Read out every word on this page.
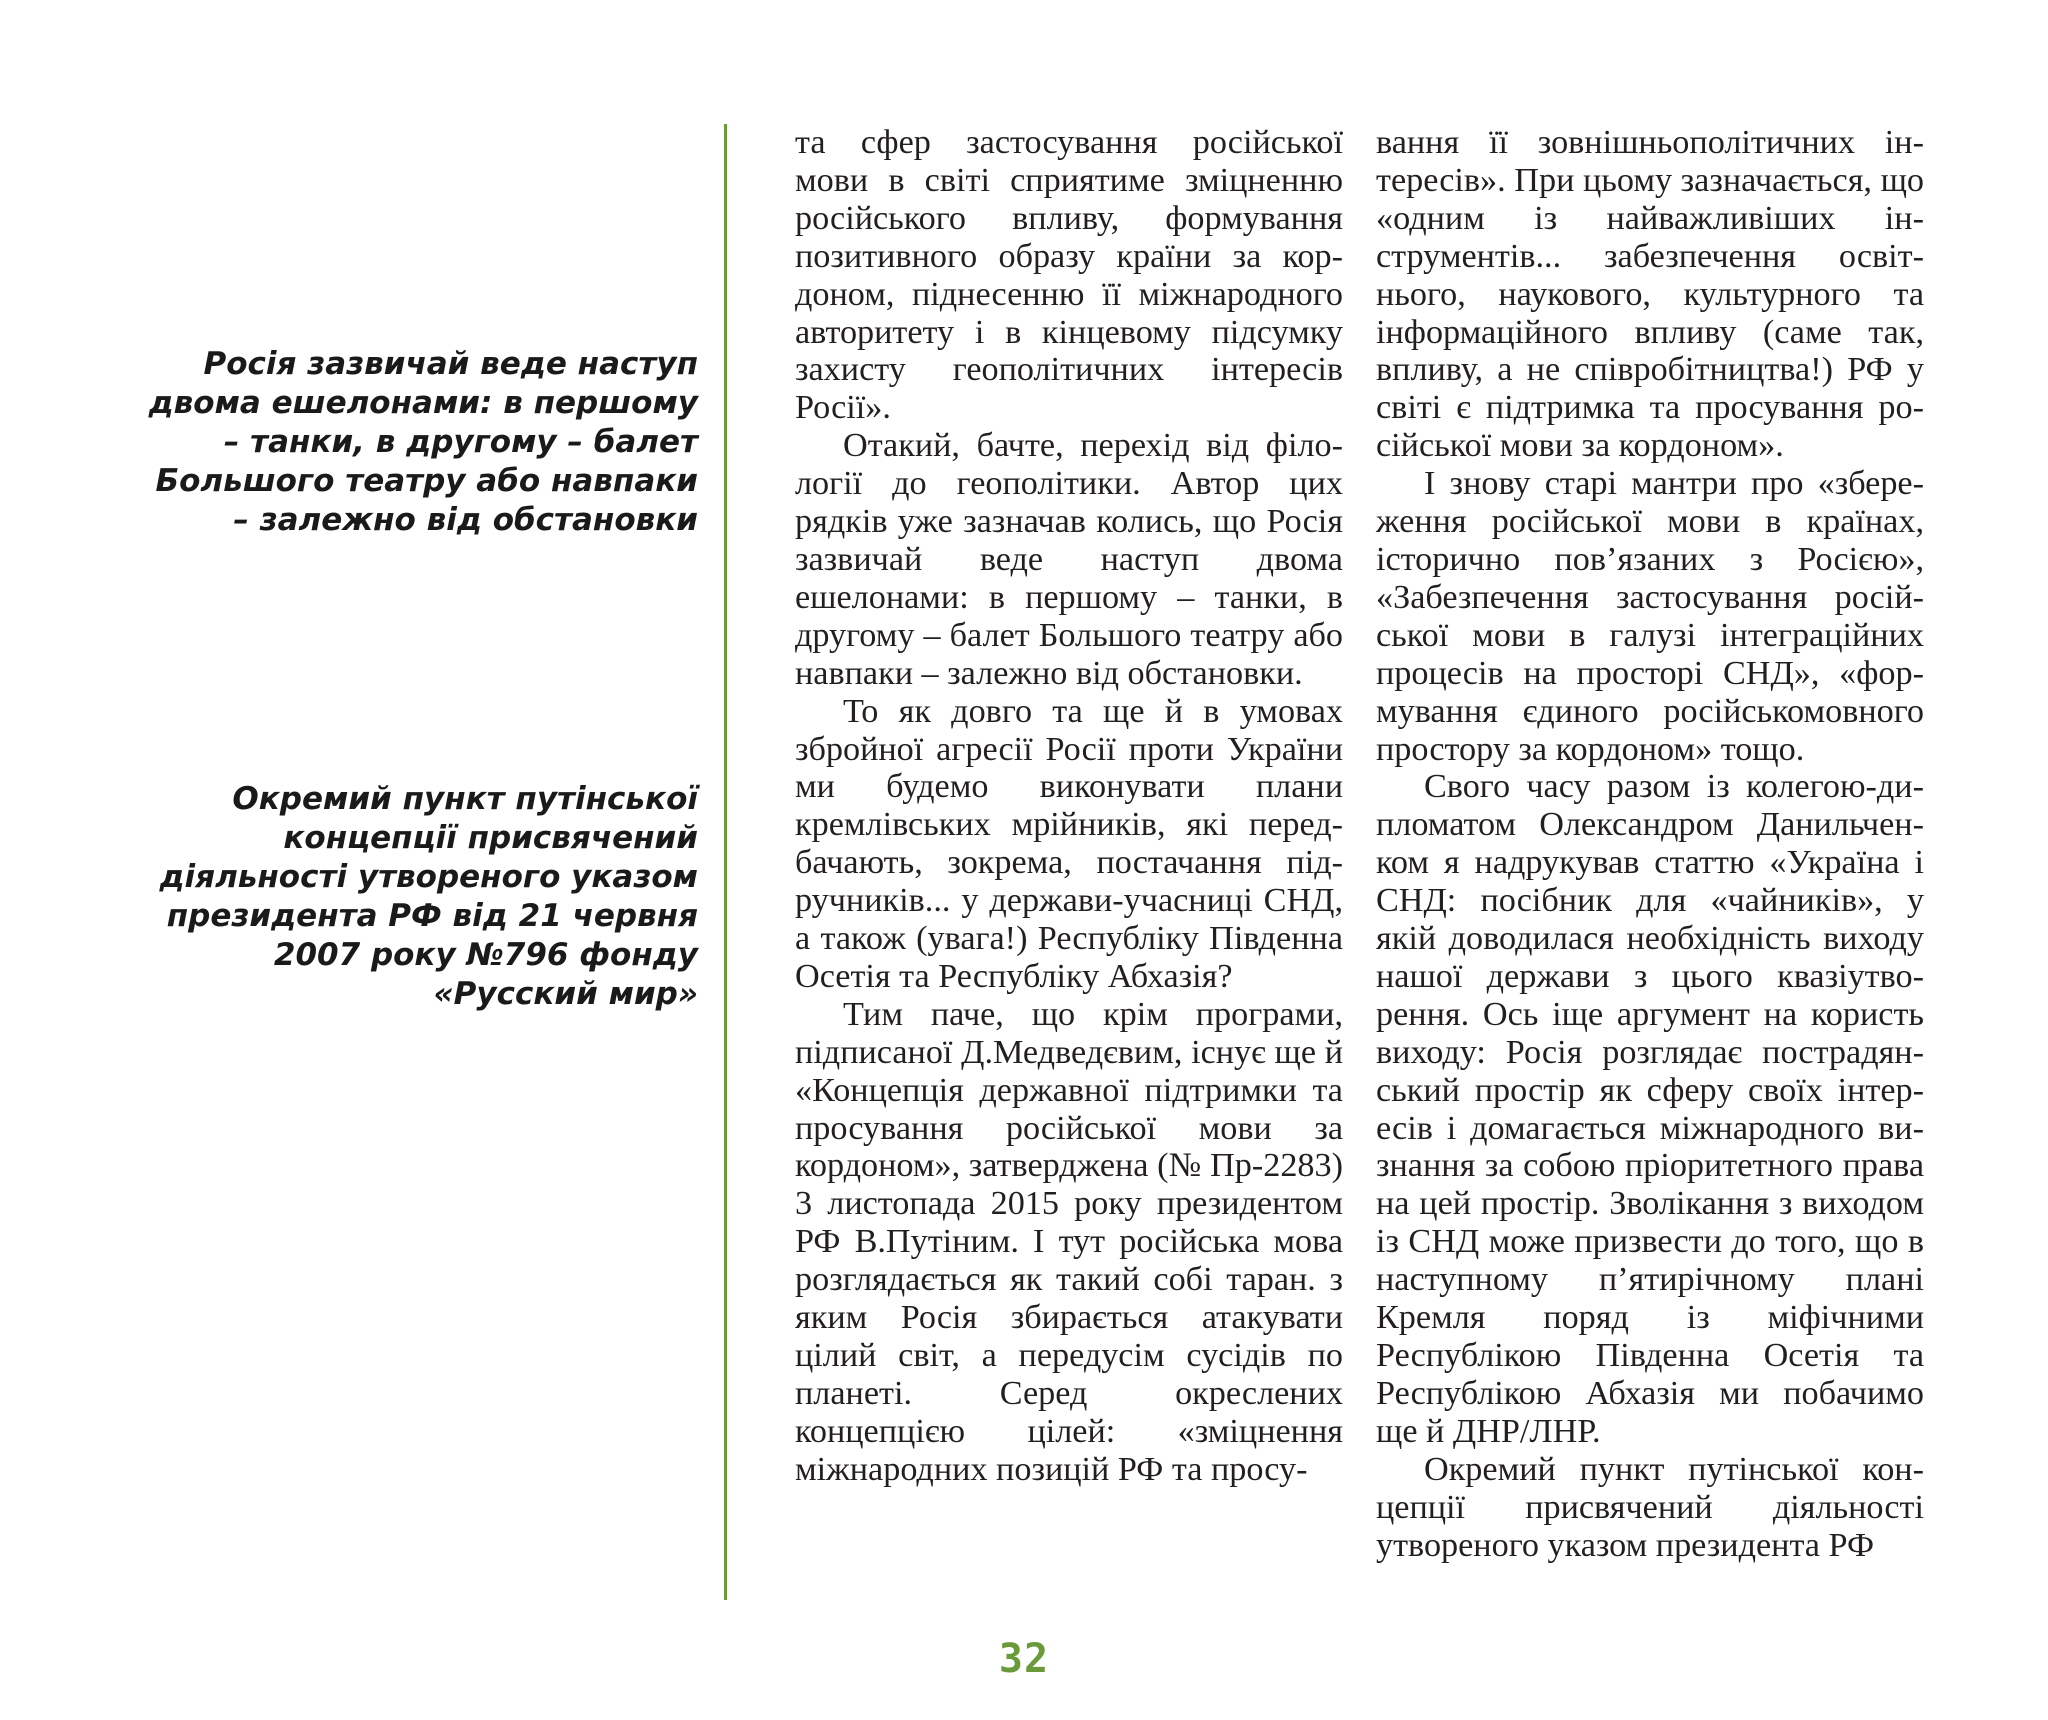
Росія зазвичай веде наступ двома ешелонами: в першому – танки, в другому – балет Большого театру або навпаки – залежно від обстановки

Окремий пункт путінської концепції присвячений діяльності утвореного указом президента РФ від 21 червня 2007 року №796 фонду «Русский мир»

та сфер застосування російської мови в світі сприятиме зміцненню російського впливу, формування позитивного образу країни за кордоном, піднесенню її міжнародного авторитету і в кінцевому підсумку захисту геополітичних інтересів Росії».

Отакий, бачте, перехід від філології до геополітики. Автор цих рядків уже зазначав колись, що Росія зазвичай веде наступ двома ешелонами: в першому – танки, в другому – балет Большого театру або навпаки – залежно від обстановки.

То як довго та ще й в умовах збройної агресії Росії проти України ми будемо виконувати плани кремлівських мрійників, які передбачають, зокрема, постачання підручників... у держави-учасниці СНД, а також (увага!) Республіку Південна Осетія та Республіку Абхазія?

Тим паче, що крім програми, підписаної Д.Медведєвим, існує ще й «Концепція державної підтримки та просування російської мови за кордоном», затверджена (№ Пр-2283) 3 листопада 2015 року президентом РФ В.Путіним. І тут російська мова розглядається як такий собі таран. з яким Росія збирається атакувати цілий світ, а передусім сусідів по планеті. Серед окреслених концепцією цілей: «зміцнення міжнародних позицій РФ та просу-

вання її зовнішньополітичних інтересів». При цьому зазначається, що «одним із найважливіших інструментів... забезпечення освітнього, наукового, культурного та інформаційного впливу (саме так, впливу, а не співробітництва!) РФ у світі є підтримка та просування російської мови за кордоном».

І знову старі мантри про «збереження російської мови в країнах, історично пов’язаних з Росією», «Забезпечення застосування російської мови в галузі інтеграційних процесів на просторі СНД», «формування єдиного російськомовного простору за кордоном» тощо.

Свого часу разом із колегою-дипломатом Олександром Данильченком я надрукував статтю «Україна і СНД: посібник для «чайників», у якій доводилася необхідність виходу нашої держави з цього квазіутворення. Ось іще аргумент на користь виходу: Росія розглядає пострадянський простір як сферу своїх інтересів і домагається міжнародного визнання за собою пріоритетного права на цей простір. Зволікання з виходом із СНД може призвести до того, що в наступному п’ятирічному плані Кремля поряд із міфічними Республікою Південна Осетія та Республікою Абхазія ми побачимо ще й ДНР/ЛНР.

Окремий пункт путінської концепції присвячений діяльності утвореного указом президента РФ

32
